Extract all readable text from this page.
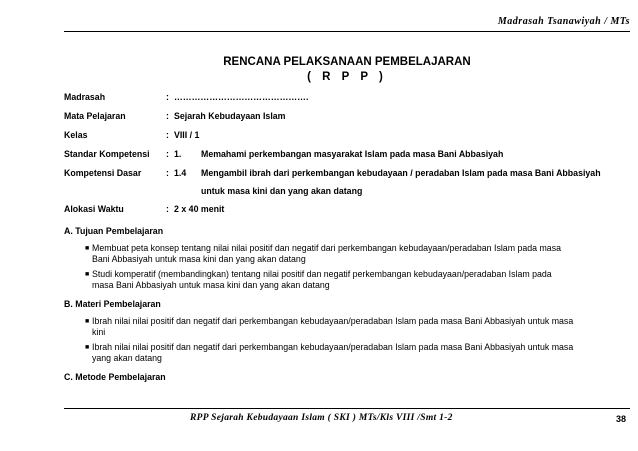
Madrasah Tsanawiyah / MTs
RENCANA PELAKSANAAN PEMBELAJARAN
( R P P )
Madrasah	: ……………………………………….
Mata Pelajaran	: Sejarah Kebudayaan Islam
Kelas	: VIII / 1
Standar Kompetensi : 1. Memahami perkembangan masyarakat Islam pada masa Bani Abbasiyah
Kompetensi Dasar	: 1.4 Mengambil ibrah dari perkembangan kebudayaan / peradaban Islam pada masa Bani Abbasiyah untuk masa kini dan yang akan datang
Alokasi Waktu	: 2 x 40 menit
A. Tujuan Pembelajaran
■ Membuat peta konsep tentang nilai nilai positif dan negatif dari perkembangan kebudayaan/peradaban Islam pada masa Bani Abbasiyah untuk masa kini dan yang akan datang
■ Studi komperatif (membandingkan) tentang nilai positif dan negatif perkembangan kebudayaan/peradaban Islam pada masa Bani Abbasiyah untuk masa kini dan yang akan datang
B. Materi Pembelajaran
■ Ibrah nilai nilai positif dan negatif dari perkembangan kebudayaan/peradaban Islam pada masa Bani Abbasiyah untuk masa kini
■ Ibrah nilai nilai positif dan negatif dari perkembangan kebudayaan/peradaban Islam pada masa Bani Abbasiyah untuk masa yang akan datang
C. Metode Pembelajaran
RPP Sejarah Kebudayaan Islam ( SKI ) MTs/Kls VIII /Smt 1-2	38
